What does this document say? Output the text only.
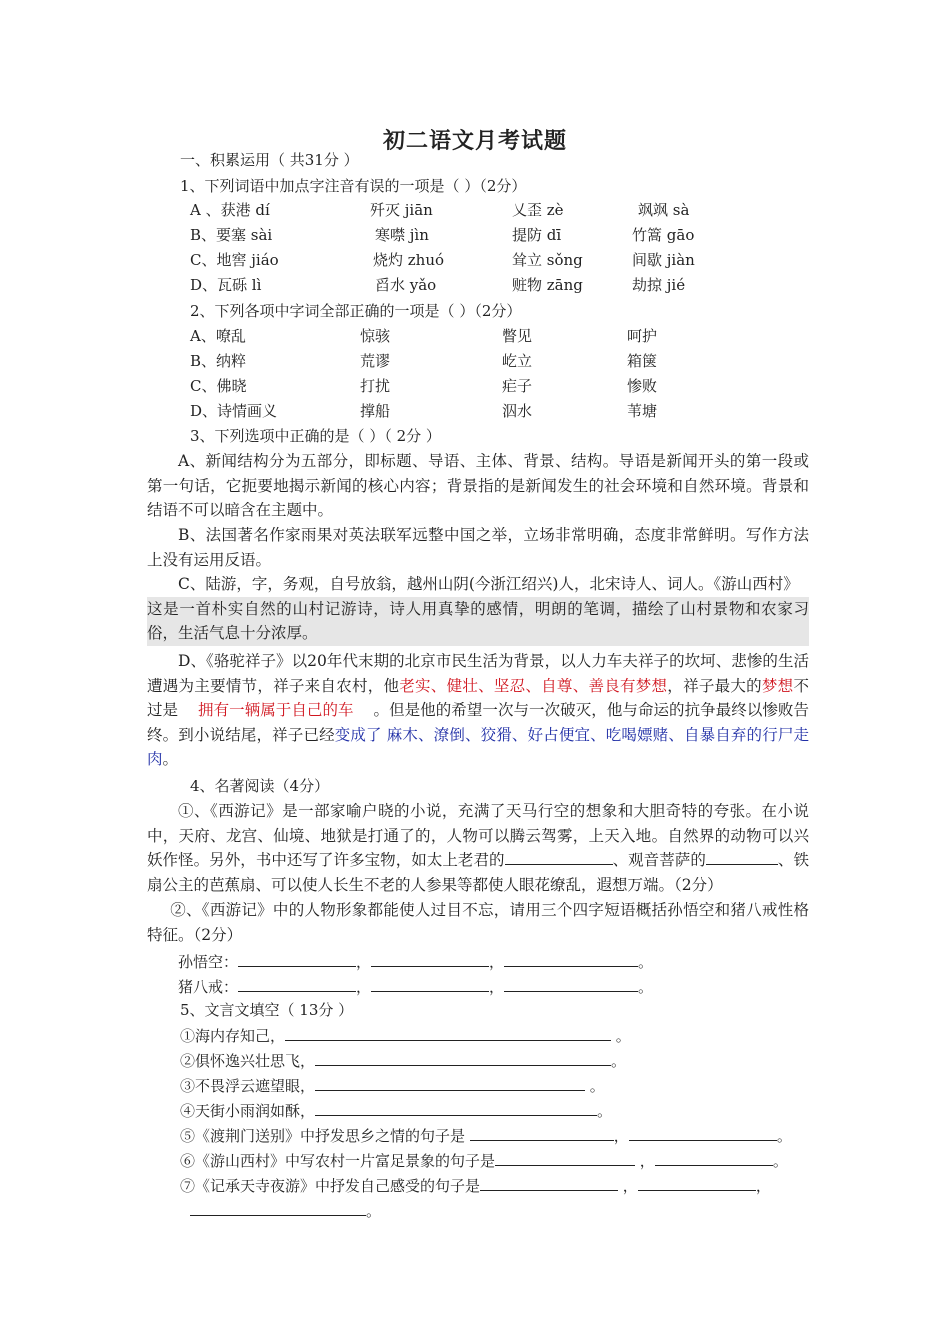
初二语文月考试题
一、积累运用（ 共31分 ）
1、下列词语中加点字注音有误的一项是（ ）（2分）
A 、获港 dí	歼灭 jiān	乂歪 zè	飒飒 sà
B、要塞 sài	寒噤 jìn	提防 dī	竹篙 gāo
C、地窖 jiáo	烧灼 zhuó	耸立 sǒng	间歇 jiàn
D、瓦砾 lì	舀水 yǎo	赃物 zāng	劫掠 jié
2、下列各项中字词全部正确的一项是（ ）（2分）
A、嘹乱	惊骇	瞥见	呵护
B、纳粹	荒谬	屹立	箱箧
C、佛晓	打扰	疟子	惨败
D、诗情画义	撑船	泅水	苇塘
3、下列选项中正确的是（ ）（ 2分 ）
A、新闻结构分为五部分，即标题、导语、主体、背景、结构。导语是新闻开头的第一段或第一句话，它扼要地揭示新闻的核心内容；背景指的是新闻发生的社会环境和自然环境。背景和结语不可以暗含在主题中。
B、法国著名作家雨果对英法联军远整中国之举，立场非常明确，态度非常鲜明。写作方法上没有运用反语。
C、陆游，字，务观，自号放翁，越州山阴(今浙江绍兴)人，北宋诗人、词人。《游山西村》
这是一首朴实自然的山村记游诗，诗人用真挚的感情，明朗的笔调，描绘了山村景物和农家习俗，生活气息十分浓厚。
D、《骆驼祥子》以20年代末期的北京市民生活为背景，以人力车夫祥子的坎坷、悲惨的生活遭遇为主要情节，祥子来自农村，他老实、健壮、坚忍、自尊、善良有梦想，祥子最大的梦想不过是    拥有一辆属于自己的车    。但是他的希望一次与一次破灭，他与命运的抗争最终以惨败告终。到小说结尾，祥子已经变成了 麻木、潦倒、狡猾、好占便宜、吃喝嫖赌、自暴自弃的行尸走肉。
4、名著阅读（4分）
①、《西游记》是一部家喻户晓的小说，充满了天马行空的想象和大胆奇特的夸张。在小说中，天府、龙宫、仙境、地狱是打通了的，人物可以腾云驾雾，上天入地。自然界的动物可以兴妖作怪。另外，书中还写了许多宝物，如太上老君的	、观音菩萨的	、铁扇公主的芭蕉扇、可以使人长生不老的人参果等都使人眼花缭乱，遐想万端。（2分）
②、《西游记》中的人物形象都能使人过目不忘，请用三个四字短语概括孙悟空和猪八戒性格特征。（2分）
孙悟空：	，	，	。
猪八戒：	，	，	。
5、文言文填空（ 13分 ）
①海内存知己，	。
②俱怀逸兴壮思飞，	。
③不畏浮云遮望眼，	。
④天街小雨润如酥，	。
⑤《渡荆门送别》中抒发思乡之情的句子是	，	。
⑥《游山西村》中写农村一片富足景象的句子是	，	。
⑦《记承天寺夜游》中抒发自己感受的句子是	，	，
。
